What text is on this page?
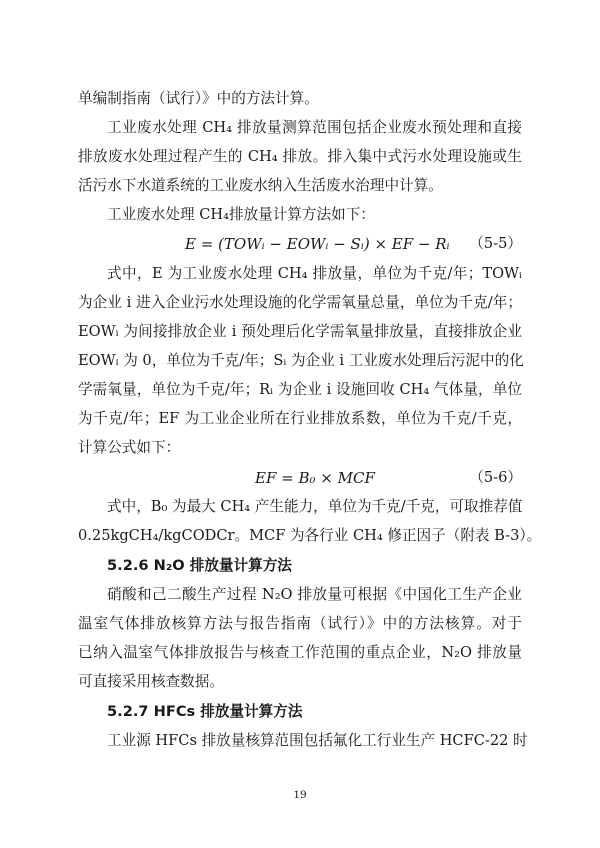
单编制指南（试行）》中的方法计算。
工业废水处理 CH₄ 排放量测算范围包括企业废水预处理和直接
排放废水处理过程产生的 CH₄ 排放。排入集中式污水处理设施或生
活污水下水道系统的工业废水纳入生活废水治理中计算。
工业废水处理 CH₄排放量计算方法如下：
E = (TOWᵢ − EOWᵢ − Sᵢ) × EF − Rᵢ （5-5）
式中，E 为工业废水处理 CH₄ 排放量，单位为千克/年；TOWᵢ
为企业 i 进入企业污水处理设施的化学需氧量总量，单位为千克/年；
EOWᵢ 为间接排放企业 i 预处理后化学需氧量排放量，直接排放企业
EOWᵢ 为 0，单位为千克/年；Sᵢ 为企业 i 工业废水处理后污泥中的化
学需氧量，单位为千克/年；Rᵢ 为企业 i 设施回收 CH₄ 气体量，单位
为千克/年；EF 为工业企业所在行业排放系数，单位为千克/千克，
计算公式如下：
EF = B₀ × MCF	（5-6）
式中，B₀ 为最大 CH₄ 产生能力，单位为千克/千克，可取推荐值
0.25kgCH₄/kgCODCr。MCF 为各行业 CH₄ 修正因子（附表 B-3）。
5.2.6 N₂O 排放量计算方法
硝酸和己二酸生产过程 N₂O 排放量可根据《中国化工生产企业
温室气体排放核算方法与报告指南（试行）》中的方法核算。对于
已纳入温室气体排放报告与核查工作范围的重点企业，N₂O 排放量
可直接采用核查数据。
5.2.7 HFCs 排放量计算方法
工业源 HFCs 排放量核算范围包括氟化工行业生产 HCFC-22 时
19
